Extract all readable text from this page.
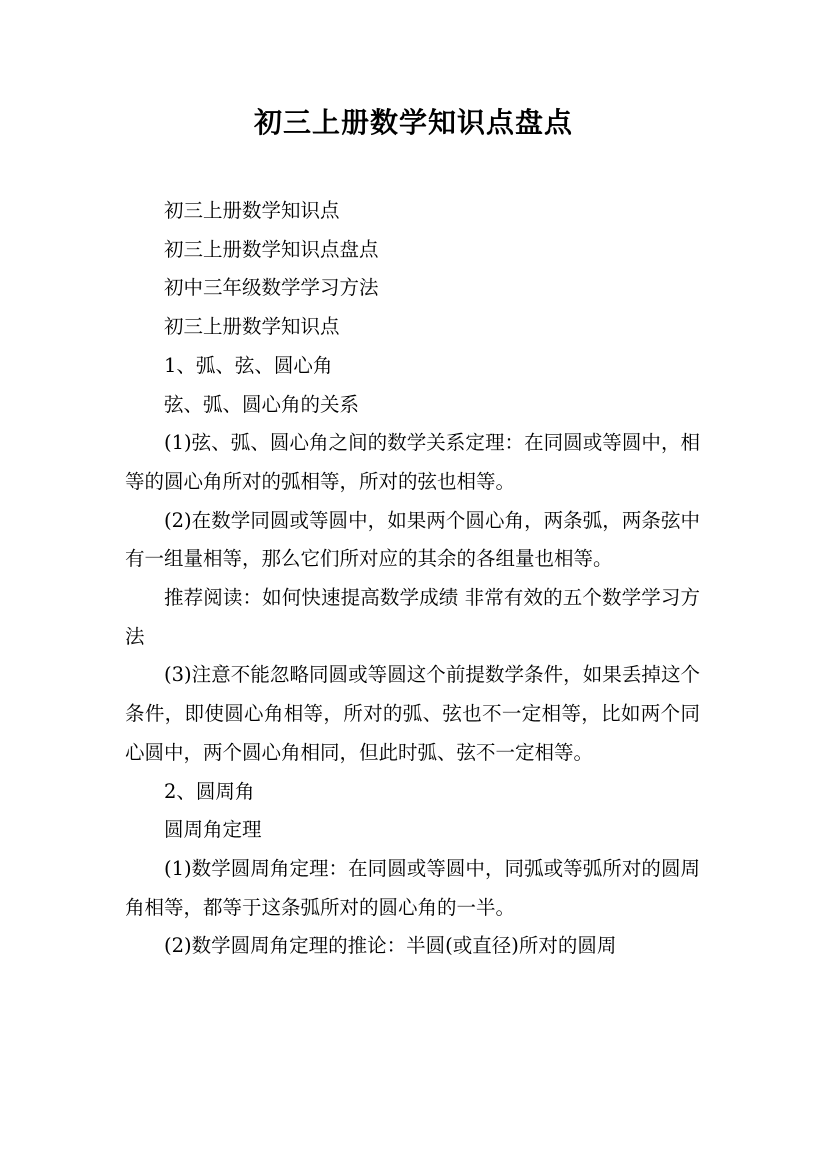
初三上册数学知识点盘点

初三上册数学知识点

初三上册数学知识点盘点

初中三年级数学学习方法

初三上册数学知识点

1、弧、弦、圆心角

弦、弧、圆心角的关系

(1)弦、弧、圆心角之间的数学关系定理：在同圆或等圆中，相等的圆心角所对的弧相等，所对的弦也相等。

(2)在数学同圆或等圆中，如果两个圆心角，两条弧，两条弦中有一组量相等，那么它们所对应的其余的各组量也相等。

推荐阅读：如何快速提高数学成绩 非常有效的五个数学学习方法

(3)注意不能忽略同圆或等圆这个前提数学条件，如果丢掉这个条件，即使圆心角相等，所对的弧、弦也不一定相等，比如两个同心圆中，两个圆心角相同，但此时弧、弦不一定相等。

2、圆周角

圆周角定理

(1)数学圆周角定理：在同圆或等圆中，同弧或等弧所对的圆周角相等，都等于这条弧所对的圆心角的一半。

(2)数学圆周角定理的推论：半圆(或直径)所对的圆周
